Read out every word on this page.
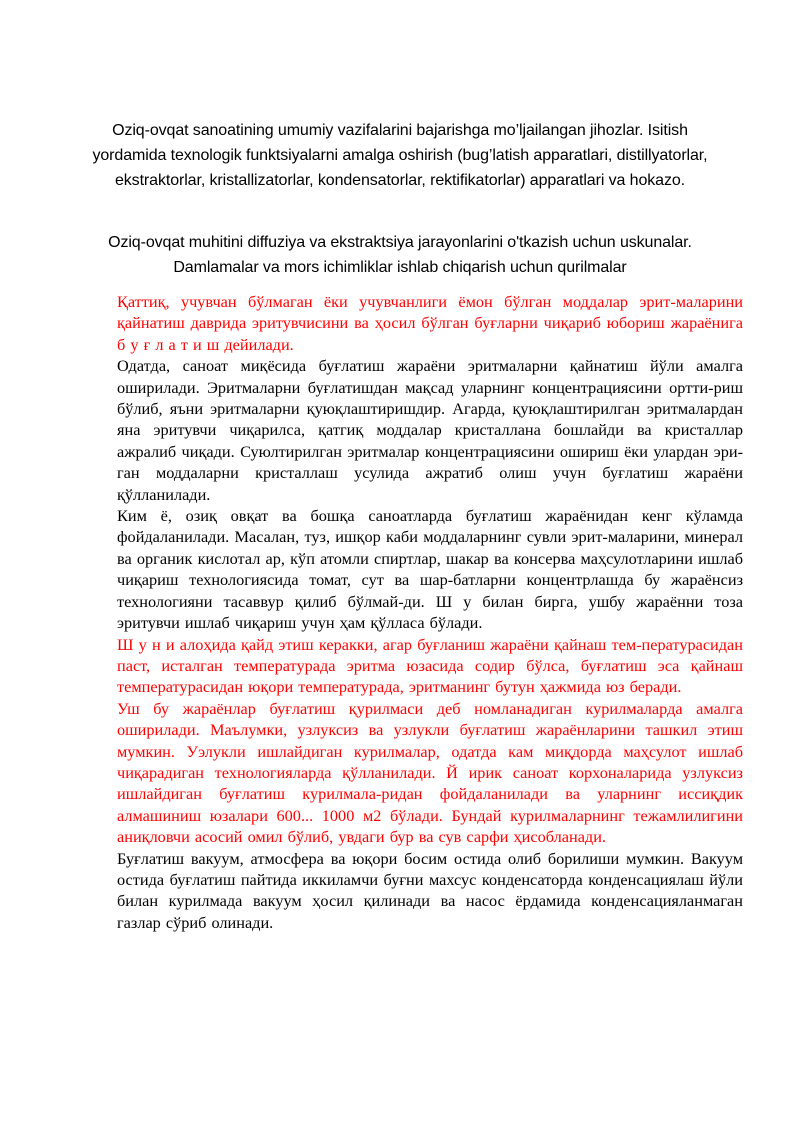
Oziq-ovqat sanoatining umumiy vazifalarini bajarishga mo’ljailangan jihozlar. Isitish yordamida texnologik funktsiyalarni amalga oshirish (bug’latish apparatlari, distillyatorlar, ekstraktorlar, kristallizatorlar, kondensatorlar, rektifikatorlar) apparatlari va hokazo.
Oziq-ovqat muhitini diffuziya va ekstraktsiya jarayonlarini o'tkazish uchun uskunalar. Damlamalar va mors ichimliklar ishlab chiqarish uchun qurilmalar

Қаттиқ, учувчан бўлмаган ёки учувчанлиги ёмон бўлган моддалар эрит-маларини қайнатиш даврида эритувчисини ва ҳосил бўлган буғларни чиқариб юбориш жараёнига б у ғ л а т и ш дейилади.

Одатда, саноат миқёсида буғлатиш жараёни эритмаларни қайнатиш йўли амалга оширилади. Эритмаларни буғлатишдан мақсад уларнинг концентрациясини ортти-риш бўлиб, яъни эритмаларни қуюқлаштиришдир. Агарда, қуюқлаштирилган эритмалардан яна эритувчи чиқарилса, қатгиқ моддалар кристаллана бошлайди ва кристаллар ажралиб чиқади. Суюлтирилган эритмалар концентрациясини ошириш ёки улардан эри-ган моддаларни кристаллаш усулида ажратиб олиш учун буғлатиш жараёни қўлланилади.

Ким ё, озиқ овқат ва бошқа саноатларда буғлатиш жараёнидан кенг кўламда фойдаланилади. Масалан, туз, ишқор каби моддаларнинг сувли эрит-маларини, минерал ва органик кислотал ар, кўп атомли спиртлар, шакар ва консерва маҳсулотларини ишлаб чиқариш технологиясида томат, сут ва шар-батларни концентрлашда бу жараёнсиз технологияни тасаввур қилиб бўлмай-ди. Ш у билан бирга, ушбу жараённи тоза эритувчи ишлаб чиқариш учун ҳам қўлласа бўлади.

Ш у н и алоҳида қайд этиш керакки, агар буғланиш жараёни қайнаш тем-пературасидан паст, исталган температурада эритма юзасида содир бўлса, буғлатиш эса қайнаш температурасидан юқори температурада, эритманинг бутун ҳажмида юз беради.

Уш бу жараёнлар буғлатиш қурилмаси деб номланадиган курилмаларда амалга оширилади. Маълумки, узлуксиз ва узлукли буғлатиш жараёнларини ташкил этиш мумкин. Уэлукли ишлайдиган курилмалар, одатда кам миқдорда маҳсулот ишлаб чиқарадиган технологияларда қўлланилади. Й ирик саноат корхоналарида узлуксиз ишлайдиган буғлатиш курилмала-ридан фойдаланилади ва уларнинг иссиқдик алмашиниш юзалари 600... 1000 м2 бўлади. Бундай курилмаларнинг тежамлилигини аниқловчи асосий омил бўлиб, увдаги бур ва сув сарфи ҳисобланади.

Буғлатиш вакуум, атмосфера ва юқори босим остида олиб борилиши мумкин. Вакуум остида буғлатиш пайтида иккиламчи буғни махсус конденсаторда конденсациялаш йўли билан курилмада вакуум ҳосил қилинади ва насос ёрдамида конденсацияланмаган газлар сўриб олинади.
